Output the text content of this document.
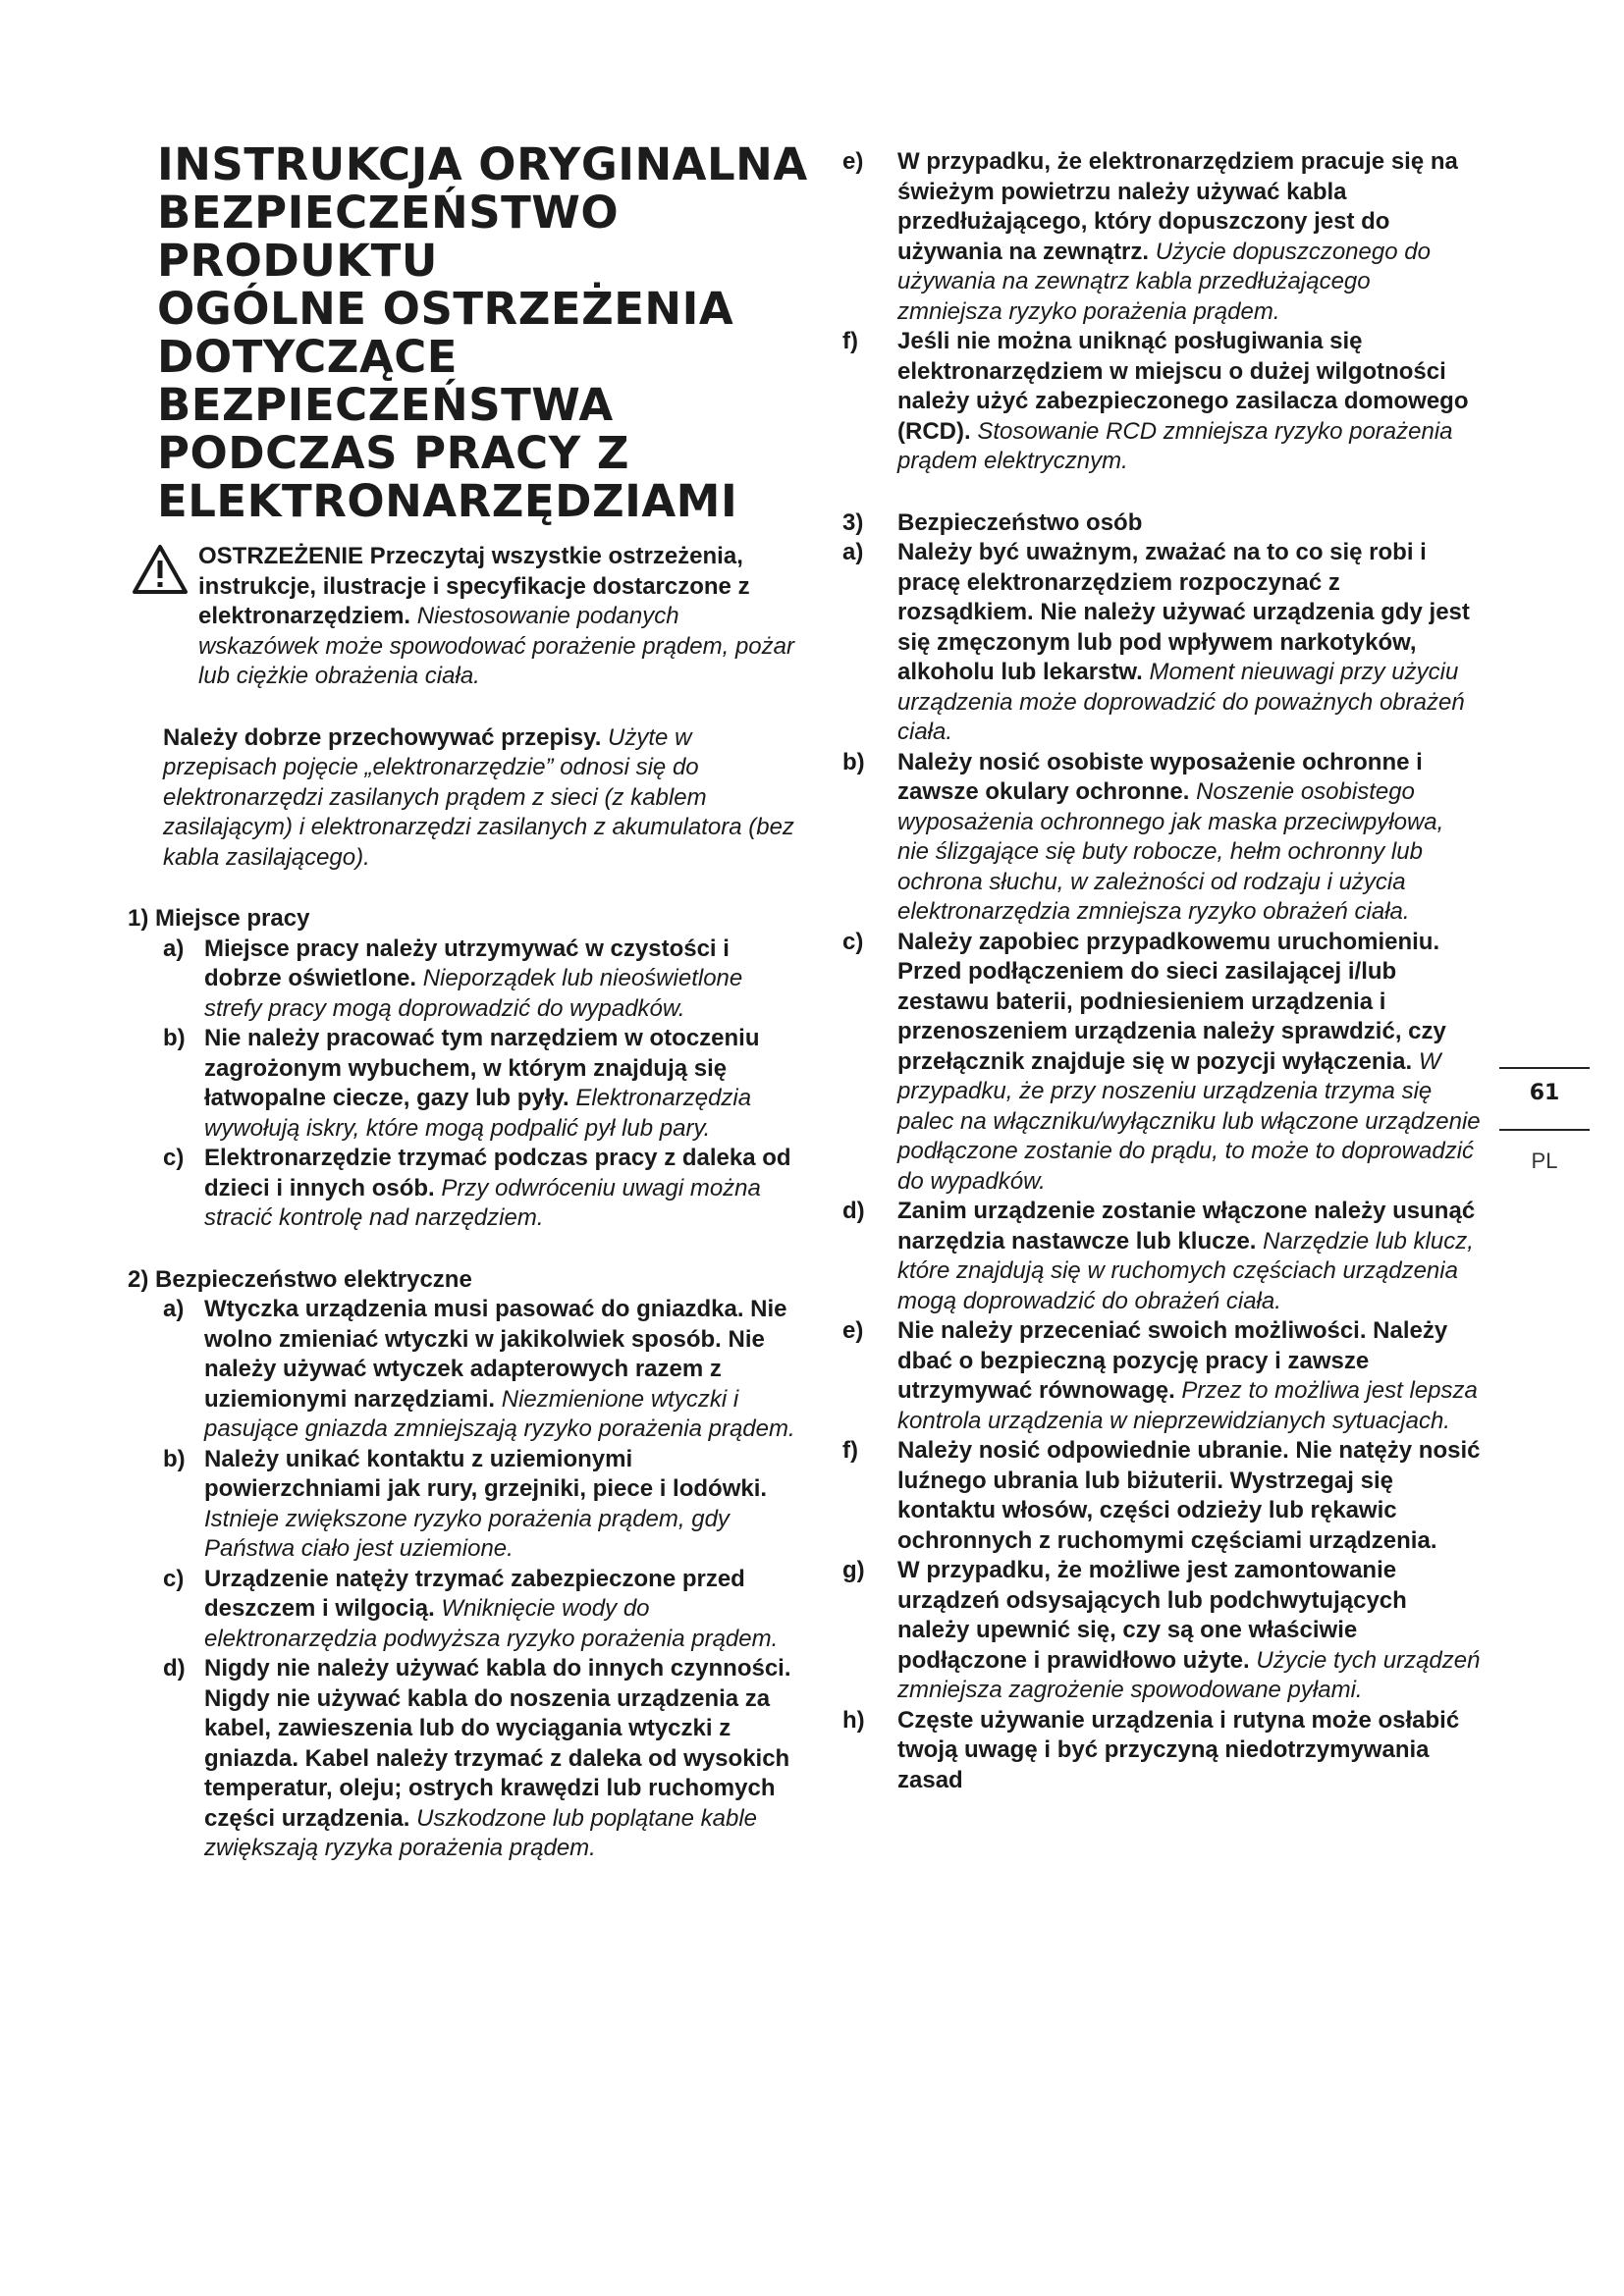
INSTRUKCJA ORYGINALNA
BEZPIECZEŃSTWO
PRODUKTU
OGÓLNE OSTRZEŻENIA
DOTYCZĄCE
BEZPIECZEŃSTWA
PODCZAS PRACY Z
ELEKTRONARZĘDZIAMI

OSTRZEŻENIE Przeczytaj wszystkie ostrzeżenia, instrukcje, ilustracje i specyfikacje dostarczone z elektronarzędziem. Niestosowanie podanych wskazówek może spowodować porażenie prądem, pożar lub ciężkie obrażenia ciała.

Należy dobrze przechowywać przepisy. Użyte w przepisach pojęcie „elektronarzędzie” odnosi się do elektronarzędzi zasilanych prądem z sieci (z kablem zasilającym) i elektronarzędzi zasilanych z akumulatora (bez kabla zasilającego).

1) Miejsce pracy

a) Miejsce pracy należy utrzymywać w czystości i dobrze oświetlone. Nieporządek lub nieoświetlone strefy pracy mogą doprowadzić do wypadków.
b) Nie należy pracować tym narzędziem w otoczeniu zagrożonym wybuchem, w którym znajdują się łatwopalne ciecze, gazy lub pyły. Elektronarzędzia wywołują iskry, które mogą podpalić pył lub pary.
c) Elektronarzędzie trzymać podczas pracy z daleka od dzieci i innych osób. Przy odwróceniu uwagi można stracić kontrolę nad narzędziem.

2) Bezpieczeństwo elektryczne

a) Wtyczka urządzenia musi pasować do gniazdka. Nie wolno zmieniać wtyczki w jakikolwiek sposób. Nie należy używać wtyczek adapterowych razem z uziemionymi narzędziami. Niezmienione wtyczki i pasujące gniazda zmniejszają ryzyko porażenia prądem.
b) Należy unikać kontaktu z uziemionymi powierzchniami jak rury, grzejniki, piece i lodówki. Istnieje zwiększone ryzyko porażenia prądem, gdy Państwa ciało jest uziemione.
c) Urządzenie natęży trzymać zabezpieczone przed deszczem i wilgocią. Wniknięcie wody do elektronarzędzia podwyższa ryzyko porażenia prądem.
d) Nigdy nie należy używać kabla do innych czynności. Nigdy nie używać kabla do noszenia urządzenia za kabel, zawieszenia lub do wyciągania wtyczki z gniazda. Kabel należy trzymać z daleka od wysokich temperatur, oleju; ostrych krawędzi lub ruchomych części urządzenia. Uszkodzone lub poplątane kable zwiększają ryzyka porażenia prądem.
e) W przypadku, że elektronarzędziem pracuje się na świeżym powietrzu należy używać kabla przedłużającego, który dopuszczony jest do używania na zewnątrz. Użycie dopuszczonego do używania na zewnątrz kabla przedłużającego zmniejsza ryzyko porażenia prądem.
f) Jeśli nie można uniknąć posługiwania się elektronarzędziem w miejscu o dużej wilgotności należy użyć zabezpieczonego zasilacza domowego (RCD). Stosowanie RCD zmniejsza ryzyko porażenia prądem elektrycznym.
3) Bezpieczeństwo osób
a) Należy być uważnym, zważać na to co się robi i pracę elektronarzędziem rozpoczynać z rozsądkiem. Nie należy używać urządzenia gdy jest się zmęczonym lub pod wpływem narkotyków, alkoholu lub lekarstw. Moment nieuwagi przy użyciu urządzenia może doprowadzić do poważnych obrażeń ciała.
b) Należy nosić osobiste wyposażenie ochronne i zawsze okulary ochronne. Noszenie osobistego wyposażenia ochronnego jak maska przeciwpyłowa, nie ślizgające się buty robocze, hełm ochronny lub ochrona słuchu, w zależności od rodzaju i użycia elektronarzędzia zmniejsza ryzyko obrażeń ciała.
c) Należy zapobiec przypadkowemu uruchomieniu. Przed podłączeniem do sieci zasilającej i/lub zestawu baterii, podniesieniem urządzenia i przenoszeniem urządzenia należy sprawdzić, czy przełącznik znajduje się w pozycji wyłączenia. W przypadku, że przy noszeniu urządzenia trzyma się palec na włączniku/wyłączniku lub włączone urządzenie podłączone zostanie do prądu, to może to doprowadzić do wypadków.
d) Zanim urządzenie zostanie włączone należy usunąć narzędzia nastawcze lub klucze. Narzędzie lub klucz, które znajdują się w ruchomych częściach urządzenia mogą doprowadzić do obrażeń ciała.
e) Nie należy przeceniać swoich możliwości. Należy dbać o bezpieczną pozycję pracy i zawsze utrzymywać równowagę. Przez to możliwa jest lepsza kontrola urządzenia w nieprzewidzianych sytuacjach.
f) Należy nosić odpowiednie ubranie. Nie natęży nosić luźnego ubrania lub biżuterii. Wystrzegaj się kontaktu włosów, części odzieży lub rękawic ochronnych z ruchomymi częściami urządzenia.
g) W przypadku, że możliwe jest zamontowanie urządzeń odsysających lub podchwytujących należy upewnić się, czy są one właściwie podłączone i prawidłowo użyte. Użycie tych urządzeń zmniejsza zagrożenie spowodowane pyłami.
h) Częste używanie urządzenia i rutyna może osłabić twoją uwagę i być przyczyną niedotrzymywania zasad
61
PL
